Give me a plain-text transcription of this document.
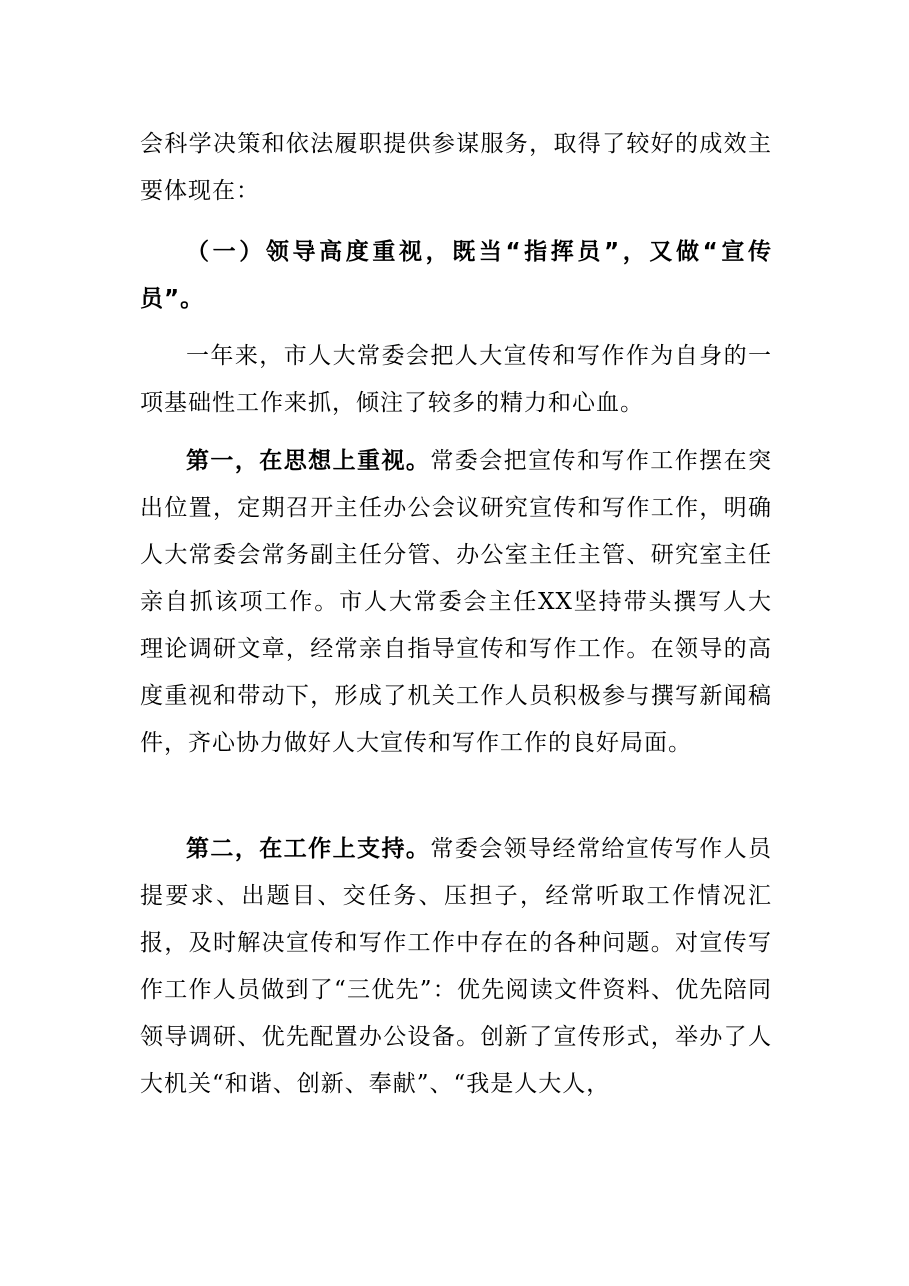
会科学决策和依法履职提供参谋服务，取得了较好的成效主要体现在：
（一）领导高度重视，既当“指挥员”，又做“宣传员”。
一年来，市人大常委会把人大宣传和写作作为自身的一项基础性工作来抓，倾注了较多的精力和心血。
第一，在思想上重视。常委会把宣传和写作工作摆在突出位置，定期召开主任办公会议研究宣传和写作工作，明确人大常委会常务副主任分管、办公室主任主管、研究室主任亲自抓该项工作。市人大常委会主任XX坚持带头撰写人大理论调研文章，经常亲自指导宣传和写作工作。在领导的高度重视和带动下，形成了机关工作人员积极参与撰写新闻稿件，齐心协力做好人大宣传和写作工作的良好局面。
第二，在工作上支持。常委会领导经常给宣传写作人员提要求、出题目、交任务、压担子，经常听取工作情况汇报，及时解决宣传和写作工作中存在的各种问题。对宣传写作工作人员做到了“三优先”：优先阅读文件资料、优先陪同领导调研、优先配置办公设备。创新了宣传形式，举办了人大机关“和谐、创新、奉献”、“我是人大人，
